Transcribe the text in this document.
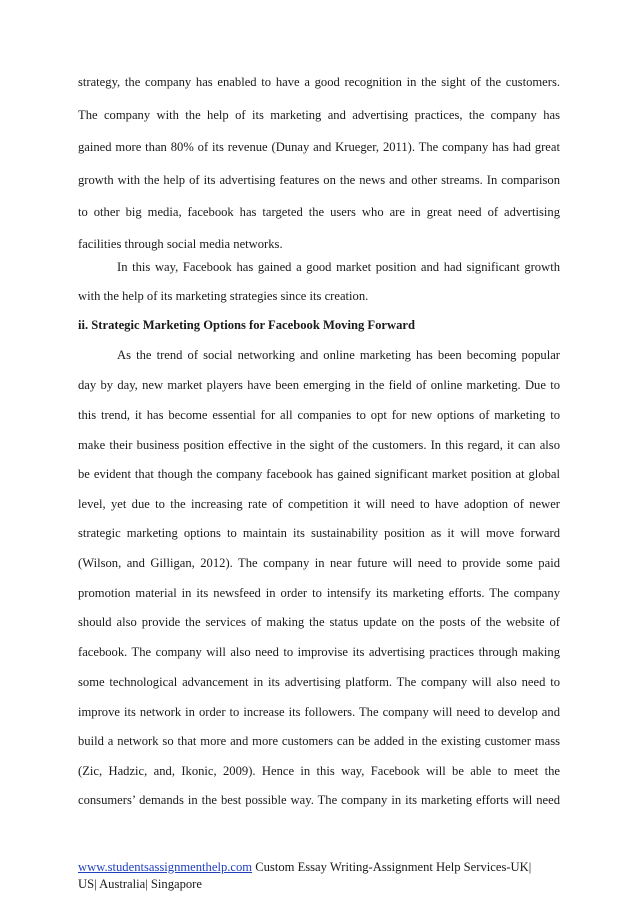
strategy, the company has enabled to have a good recognition in the sight of the customers.
The company with the help of its marketing and advertising practices, the company has
gained more than 80% of its revenue (Dunay and Krueger, 2011). The company has had great
growth with the help of its advertising features on the news and other streams. In comparison
to other big media, facebook has targeted the users who are in great need of advertising
facilities through social media networks.
In this way, Facebook has gained a good market position and had significant growth
with the help of its marketing strategies since its creation.
ii. Strategic Marketing Options for Facebook Moving Forward
As the trend of social networking and online marketing has been becoming popular
day by day, new market players have been emerging in the field of online marketing. Due to
this trend, it has become essential for all companies to opt for new options of marketing to
make their business position effective in the sight of the customers. In this regard, it can also
be evident that though the company facebook has gained significant market position at global
level, yet due to the increasing rate of competition it will need to have adoption of newer
strategic marketing options to maintain its sustainability position as it will move forward
(Wilson, and Gilligan, 2012). The company in near future will need to provide some paid
promotion material in its newsfeed in order to intensify its marketing efforts. The company
should also provide the services of making the status update on the posts of the website of
facebook. The company will also need to improvise its advertising practices through making
some technological advancement in its advertising platform. The company will also need to
improve its network in order to increase its followers. The company will need to develop and
build a network so that more and more customers can be added in the existing customer mass
(Zic, Hadzic, and, Ikonic, 2009). Hence in this way, Facebook will be able to meet the
consumers’ demands in the best possible way. The company in its marketing efforts will need
www.studentsassignmenthelp.com Custom Essay Writing-Assignment Help Services-UK|
US| Australia| Singapore
